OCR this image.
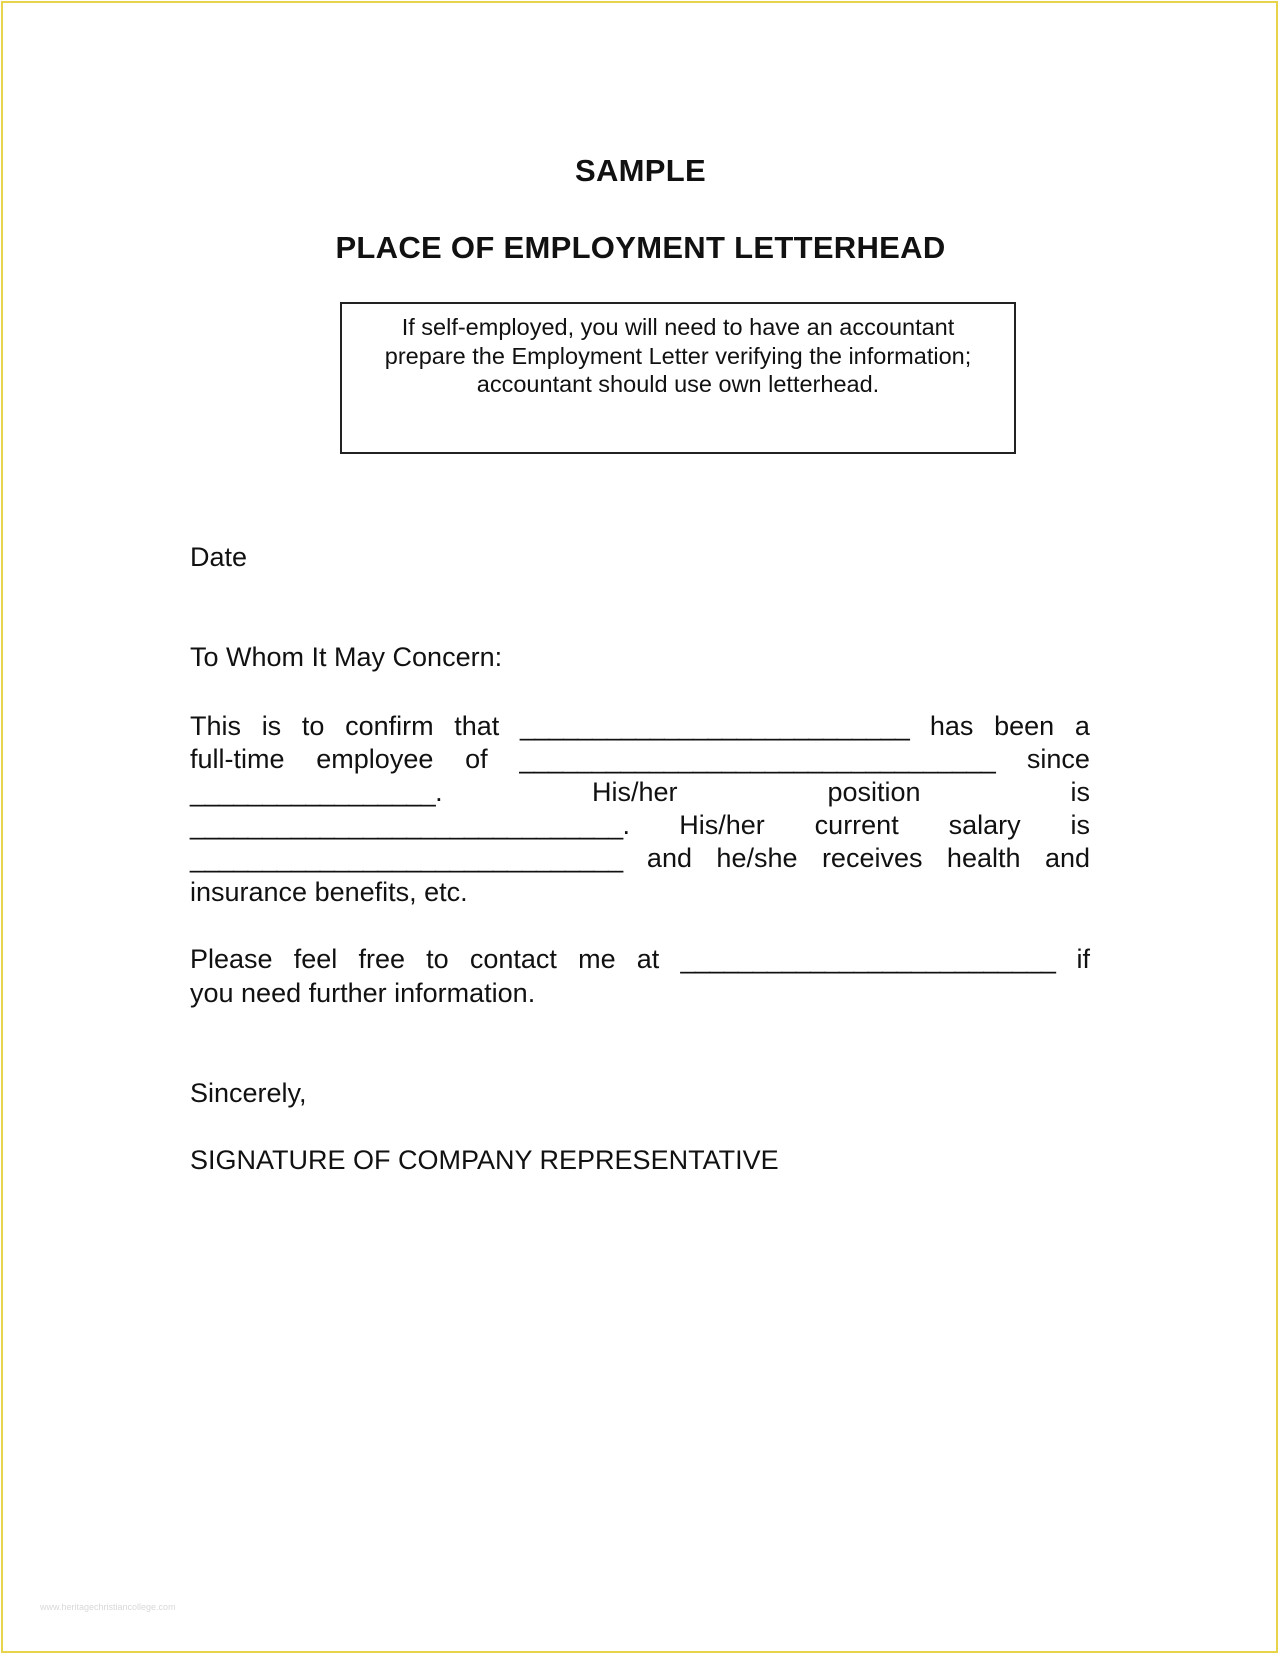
SAMPLE
PLACE OF EMPLOYMENT LETTERHEAD
If self-employed, you will need to have an accountant
prepare the Employment Letter verifying the information;
accountant should use own letterhead.

Date

To Whom It May Concern:

This is to confirm that ___________________________ has been a
full-time employee of _________________________________ since
_________________.	His/her	position	is
______________________________. His/her current salary is
______________________________ and he/she receives health and

insurance benefits, etc.

Please feel free to contact me at __________________________ if

you need further information.

Sincerely,

SIGNATURE OF COMPANY REPRESENTATIVE

www.heritagechristiancollege.com
